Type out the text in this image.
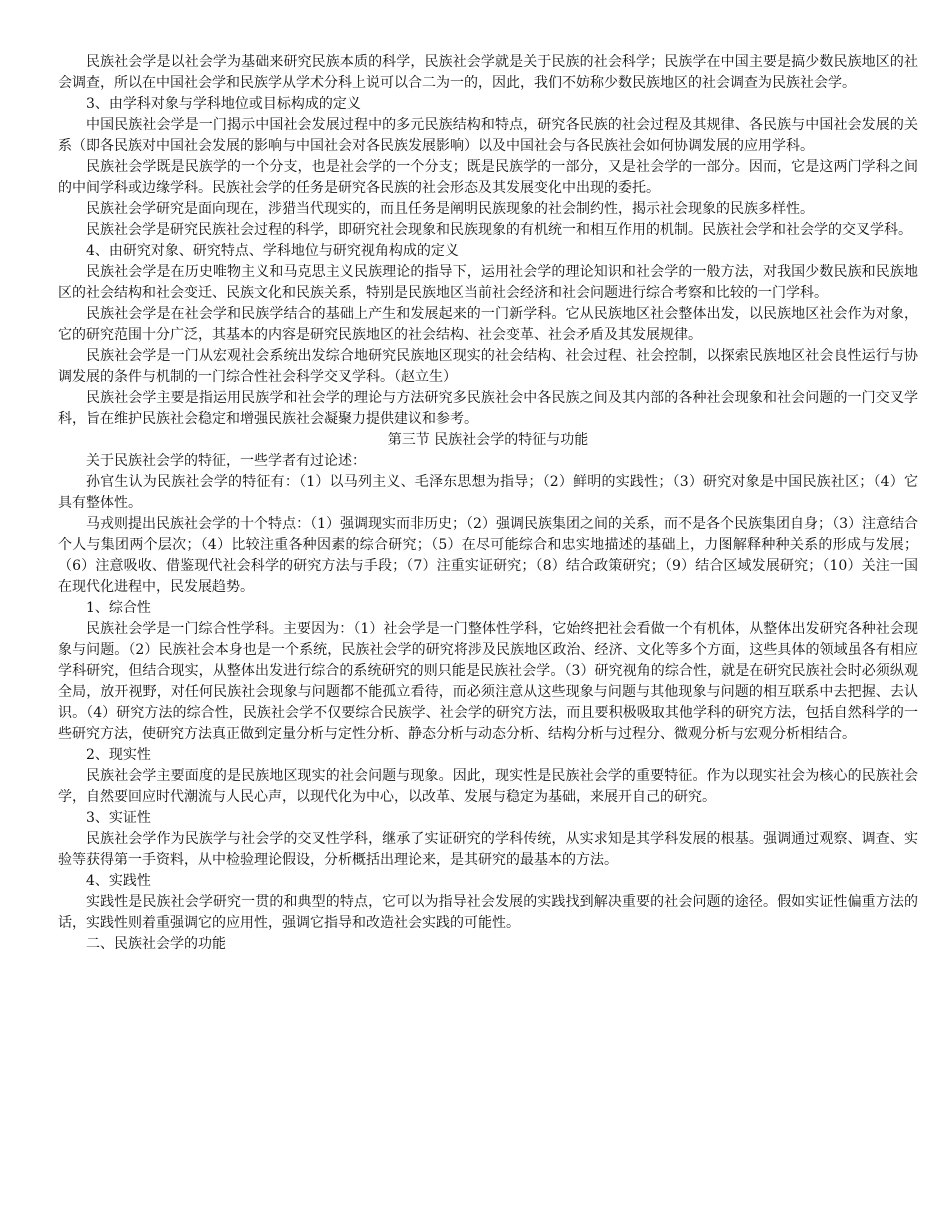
民族社会学是以社会学为基础来研究民族本质的科学，民族社会学就是关于民族的社会科学；民族学在中国主要是搞少数民族地区的社会调查，所以在中国社会学和民族学从学术分科上说可以合二为一的，因此，我们不妨称少数民族地区的社会调查为民族社会学。

3、由学科对象与学科地位或目标构成的定义

中国民族社会学是一门揭示中国社会发展过程中的多元民族结构和特点，研究各民族的社会过程及其规律、各民族与中国社会发展的关系（即各民族对中国社会发展的影响与中国社会对各民族发展影响）以及中国社会与各民族社会如何协调发展的应用学科。

民族社会学既是民族学的一个分支，也是社会学的一个分支；既是民族学的一部分，又是社会学的一部分。因而，它是这两门学科之间的中间学科或边缘学科。民族社会学的任务是研究各民族的社会形态及其发展变化中出现的委托。

民族社会学研究是面向现在，涉猎当代现实的，而且任务是阐明民族现象的社会制约性，揭示社会现象的民族多样性。

民族社会学是研究民族社会过程的科学，即研究社会现象和民族现象的有机统一和相互作用的机制。民族社会学和社会学的交叉学科。

4、由研究对象、研究特点、学科地位与研究视角构成的定义

民族社会学是在历史唯物主义和马克思主义民族理论的指导下，运用社会学的理论知识和社会学的一般方法，对我国少数民族和民族地区的社会结构和社会变迁、民族文化和民族关系，特别是民族地区当前社会经济和社会问题进行综合考察和比较的一门学科。

民族社会学是在社会学和民族学结合的基础上产生和发展起来的一门新学科。它从民族地区社会整体出发，以民族地区社会作为对象，它的研究范围十分广泛，其基本的内容是研究民族地区的社会结构、社会变革、社会矛盾及其发展规律。

民族社会学是一门从宏观社会系统出发综合地研究民族地区现实的社会结构、社会过程、社会控制，以探索民族地区社会良性运行与协调发展的条件与机制的一门综合性社会科学交叉学科。（赵立生）

民族社会学主要是指运用民族学和社会学的理论与方法研究多民族社会中各民族之间及其内部的各种社会现象和社会问题的一门交叉学科，旨在维护民族社会稳定和增强民族社会凝聚力提供建议和参考。

第三节 民族社会学的特征与功能

关于民族社会学的特征，一些学者有过论述：

孙官生认为民族社会学的特征有：（1）以马列主义、毛泽东思想为指导；（2）鲜明的实践性；（3）研究对象是中国民族社区；（4）它具有整体性。

马戎则提出民族社会学的十个特点：（1）强调现实而非历史；（2）强调民族集团之间的关系，而不是各个民族集团自身；（3）注意结合个人与集团两个层次；（4）比较注重各种因素的综合研究；（5）在尽可能综合和忠实地描述的基础上，力图解释种种关系的形成与发展；（6）注意吸收、借鉴现代社会科学的研究方法与手段；（7）注重实证研究；（8）结合政策研究；（9）结合区域发展研究；（10）关注一国在现代化进程中，民发展趋势。

1、综合性

民族社会学是一门综合性学科。主要因为：（1）社会学是一门整体性学科，它始终把社会看做一个有机体，从整体出发研究各种社会现象与问题。（2）民族社会本身也是一个系统，民族社会学的研究将涉及民族地区政治、经济、文化等多个方面，这些具体的领域虽各有相应学科研究，但结合现实，从整体出发进行综合的系统研究的则只能是民族社会学。（3）研究视角的综合性，就是在研究民族社会时必须纵观全局，放开视野，对任何民族社会现象与问题都不能孤立看待，而必须注意从这些现象与问题与其他现象与问题的相互联系中去把握、去认识。（4）研究方法的综合性，民族社会学不仅要综合民族学、社会学的研究方法，而且要积极吸取其他学科的研究方法，包括自然科学的一些研究方法，使研究方法真正做到定量分析与定性分析、静态分析与动态分析、结构分析与过程分、微观分析与宏观分析相结合。

2、现实性

民族社会学主要面度的是民族地区现实的社会问题与现象。因此，现实性是民族社会学的重要特征。作为以现实社会为核心的民族社会学，自然要回应时代潮流与人民心声，以现代化为中心，以改革、发展与稳定为基础，来展开自己的研究。

3、实证性

民族社会学作为民族学与社会学的交叉性学科，继承了实证研究的学科传统，从实求知是其学科发展的根基。强调通过观察、调查、实验等获得第一手资料，从中检验理论假设，分析概括出理论来，是其研究的最基本的方法。

4、实践性

实践性是民族社会学研究一贯的和典型的特点，它可以为指导社会发展的实践找到解决重要的社会问题的途径。假如实证性偏重方法的话，实践性则着重强调它的应用性，强调它指导和改造社会实践的可能性。

二、民族社会学的功能
